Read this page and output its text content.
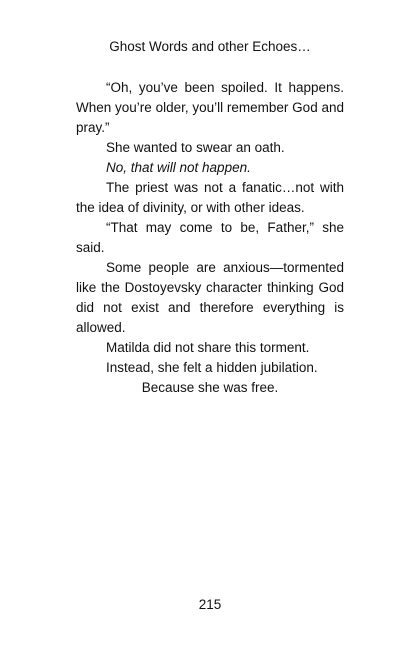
Ghost Words and other Echoes…

“Oh, you’ve been spoiled. It happens. When you’re older, you’ll remember God and pray.”

She wanted to swear an oath.

No, that will not happen.

The priest was not a fanatic…not with the idea of divinity, or with other ideas.

“That may come to be, Father,” she said.

Some people are anxious—tormented like the Dostoyevsky character thinking God did not exist and therefore everything is allowed.

Matilda did not share this torment.

Instead, she felt a hidden jubilation.

Because she was free.

215
